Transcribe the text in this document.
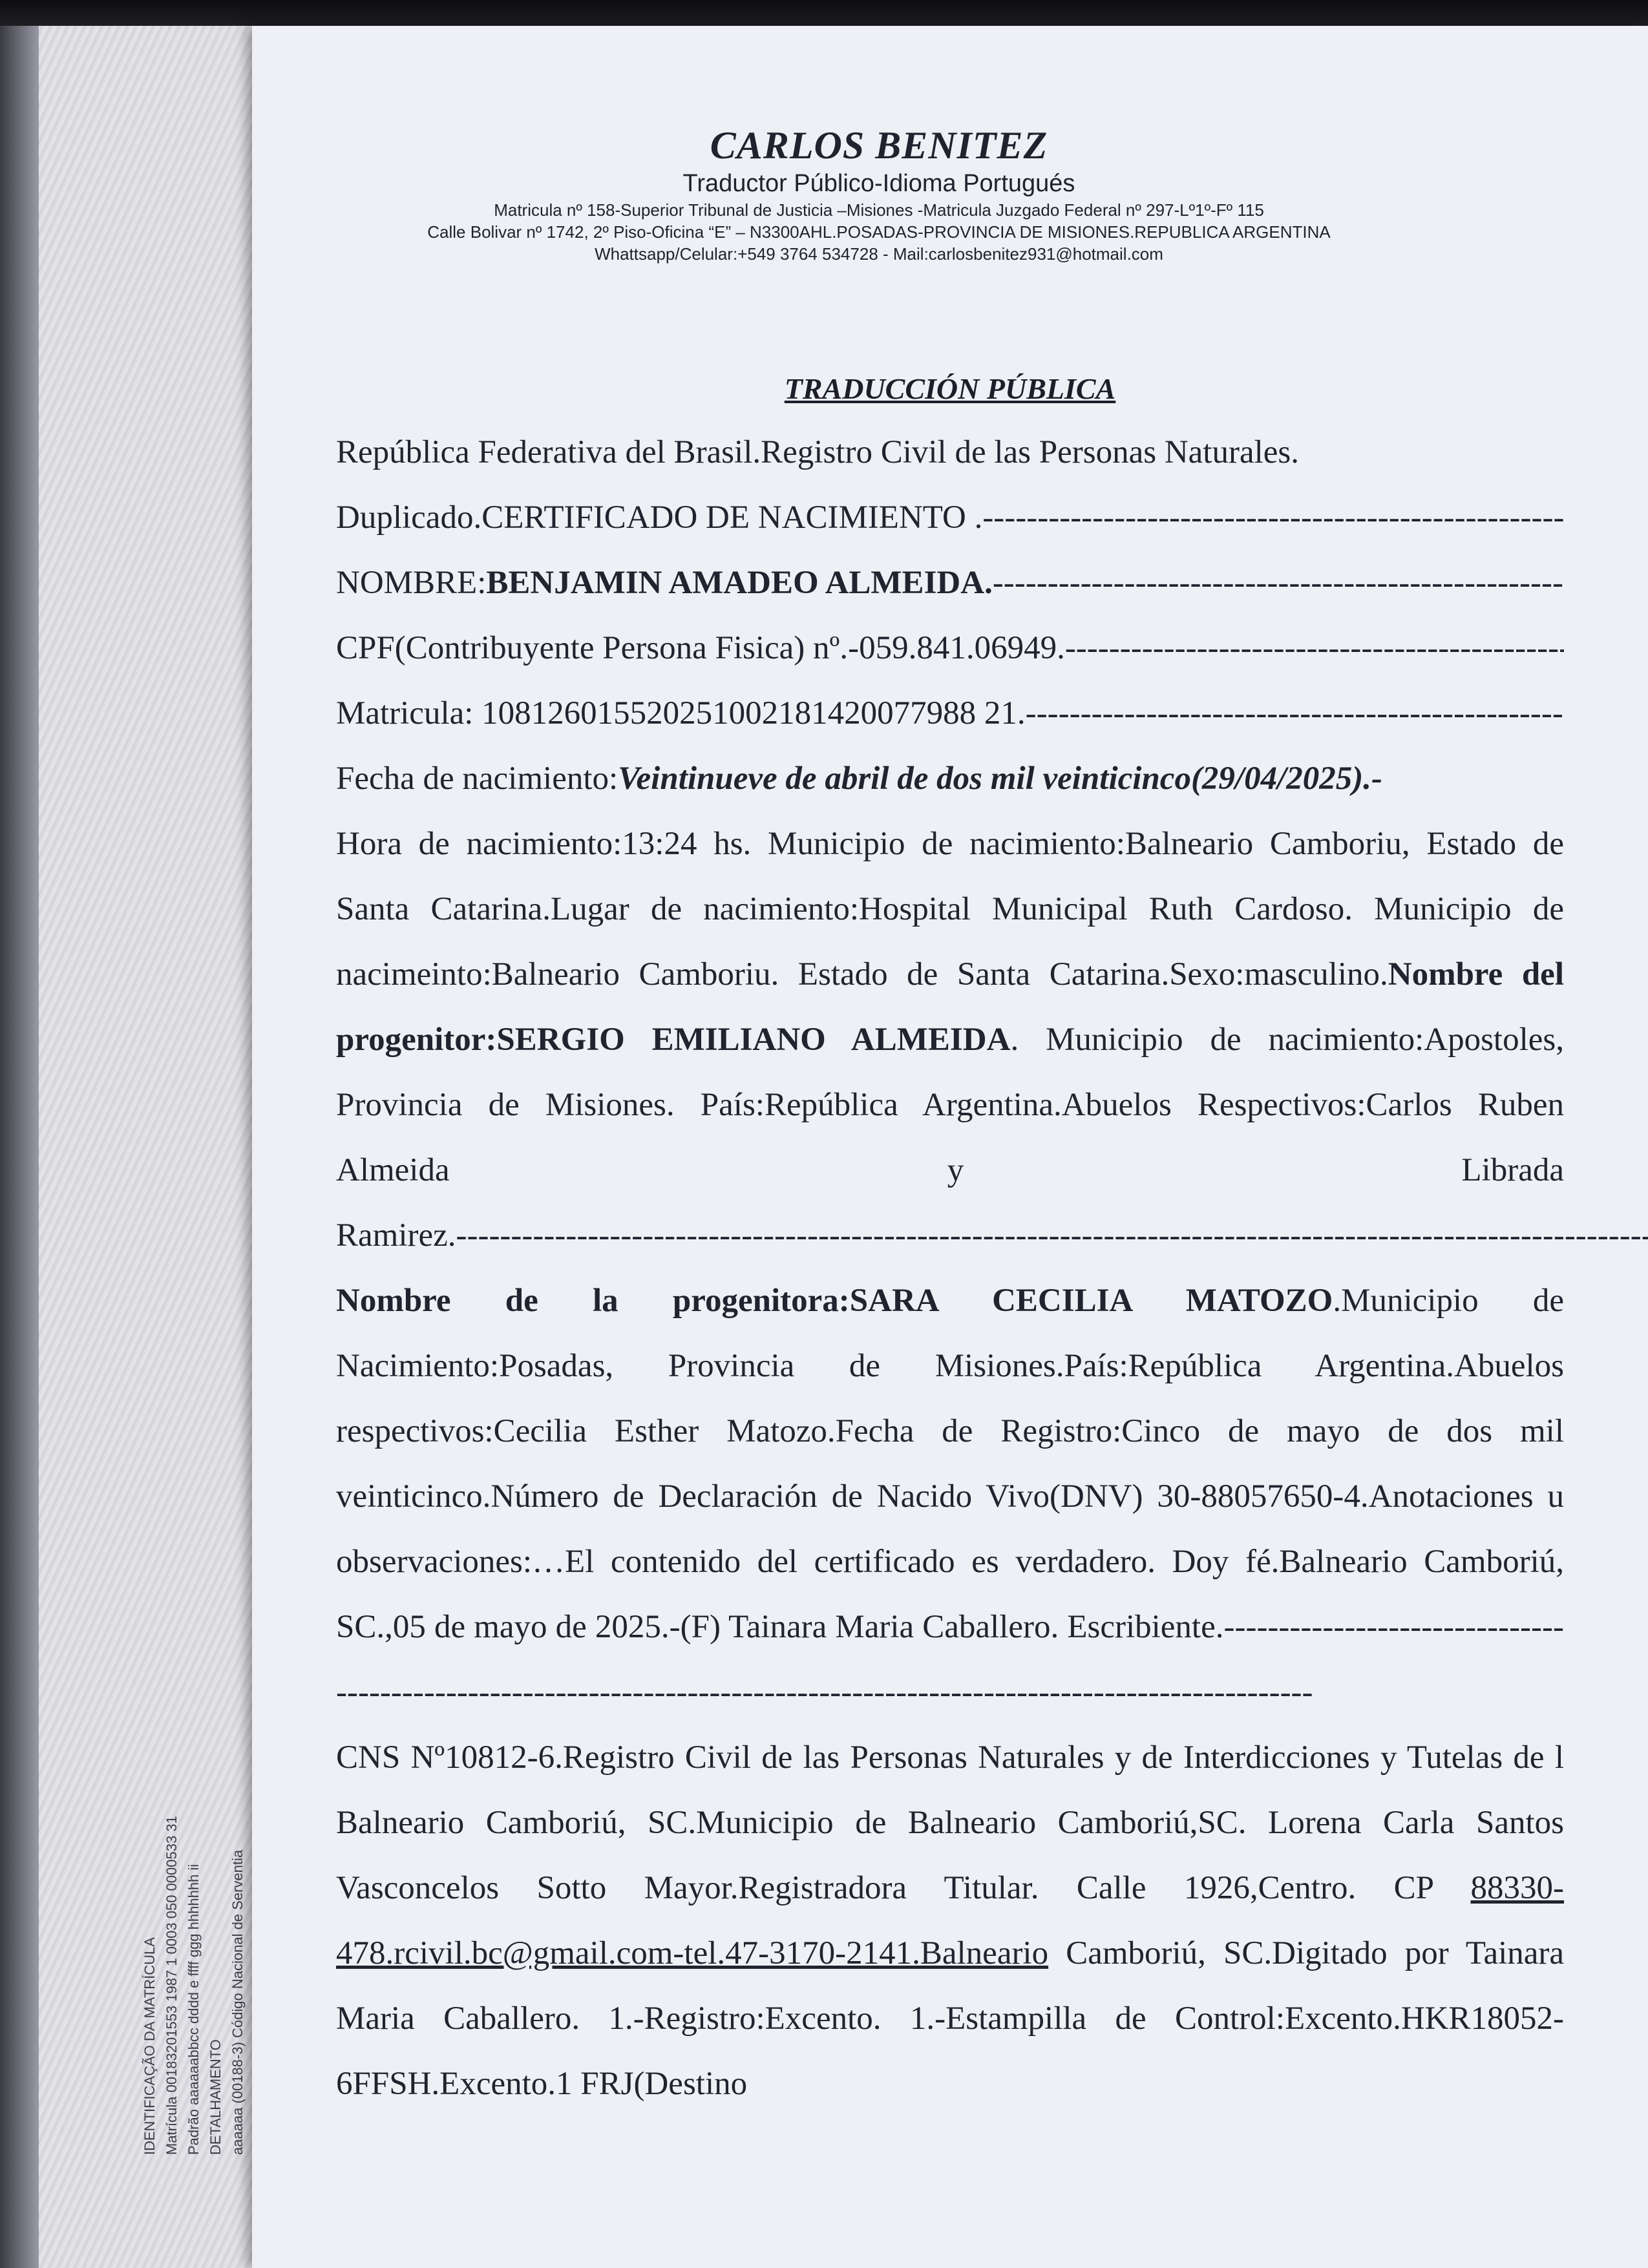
IDENTIFICAÇÃO DA MATRÍCULA Matrícula 00183201553 1987 1 0003 050 0000533 31 Padrão aaaaaabbcc dddd e ffff ggg hhhhhhh ii DETALHAMENTO aaaaaa (00188-3) Código Nacional de Serventia
CARLOS BENITEZ
Traductor Público-Idioma Portugués
Matricula nº 158-Superior Tribunal de Justicia –Misiones -Matricula Juzgado Federal nº 297-Lº1º-Fº 115
Calle Bolivar nº 1742, 2º Piso-Oficina “E” – N3300AHL.POSADAS-PROVINCIA DE MISIONES.REPUBLICA ARGENTINA
Whattsapp/Celular:+549 3764 534728 - Mail:carlosbenitez931@hotmail.com
TRADUCCIÓN PÚBLICA

República Federativa del Brasil.Registro Civil de las Personas Naturales.
Duplicado.CERTIFICADO DE NACIMIENTO . -----

NOMBRE:BENJAMIN AMADEO ALMEIDA. -----

CPF(Contribuyente Persona Fisica) nº.-059.841.06949. -----

Matricula: 108126015520251002181420077988 21. -----

Fecha de nacimiento:Veintinueve de abril de dos mil veinticinco(29/04/2025).-

Hora de nacimiento:13:24 hs. Municipio de nacimiento:Balneario Camboriu, Estado de Santa Catarina.Lugar de nacimiento:Hospital Municipal Ruth Cardoso. Municipio de nacimeinto:Balneario Camboriu. Estado de Santa Catarina.Sexo:masculino.Nombre del progenitor:SERGIO EMILIANO ALMEIDA. Municipio de nacimiento:Apostoles, Provincia de Misiones. País:República Argentina.Abuelos Respectivos:Carlos Ruben Almeida y Librada Ramirez. -----

Nombre de la progenitora:SARA CECILIA MATOZO.Municipio de Nacimiento:Posadas, Provincia de Misiones.País:República Argentina.Abuelos respectivos:Cecilia Esther Matozo.Fecha de Registro:Cinco de mayo de dos mil veinticinco.Número de Declaración de Nacido Vivo(DNV) 30-88057650-4.Anotaciones u observaciones:…El contenido del certificado es verdadero. Doy fé.Balneario Camboriú, SC.,05 de mayo de 2025.-(F) Tainara Maria Caballero. Escribiente. -----

CNS Nº10812-6.Registro Civil de las Personas Naturales y de Interdicciones y Tutelas de l Balneario Camboriú, SC.Municipio de Balneario Camboriú,SC. Lorena Carla Santos Vasconcelos Sotto Mayor.Registradora Titular. Calle 1926,Centro. CP 88330-478.rcivil.bc@gmail.com-tel.47-3170-2141.Balneario Camboriú, SC.Digitado por Tainara Maria Caballero. 1.-Registro:Excento. 1.-Estampilla de Control:Excento.HKR18052-6FFSH.Excento.1 FRJ(Destino
